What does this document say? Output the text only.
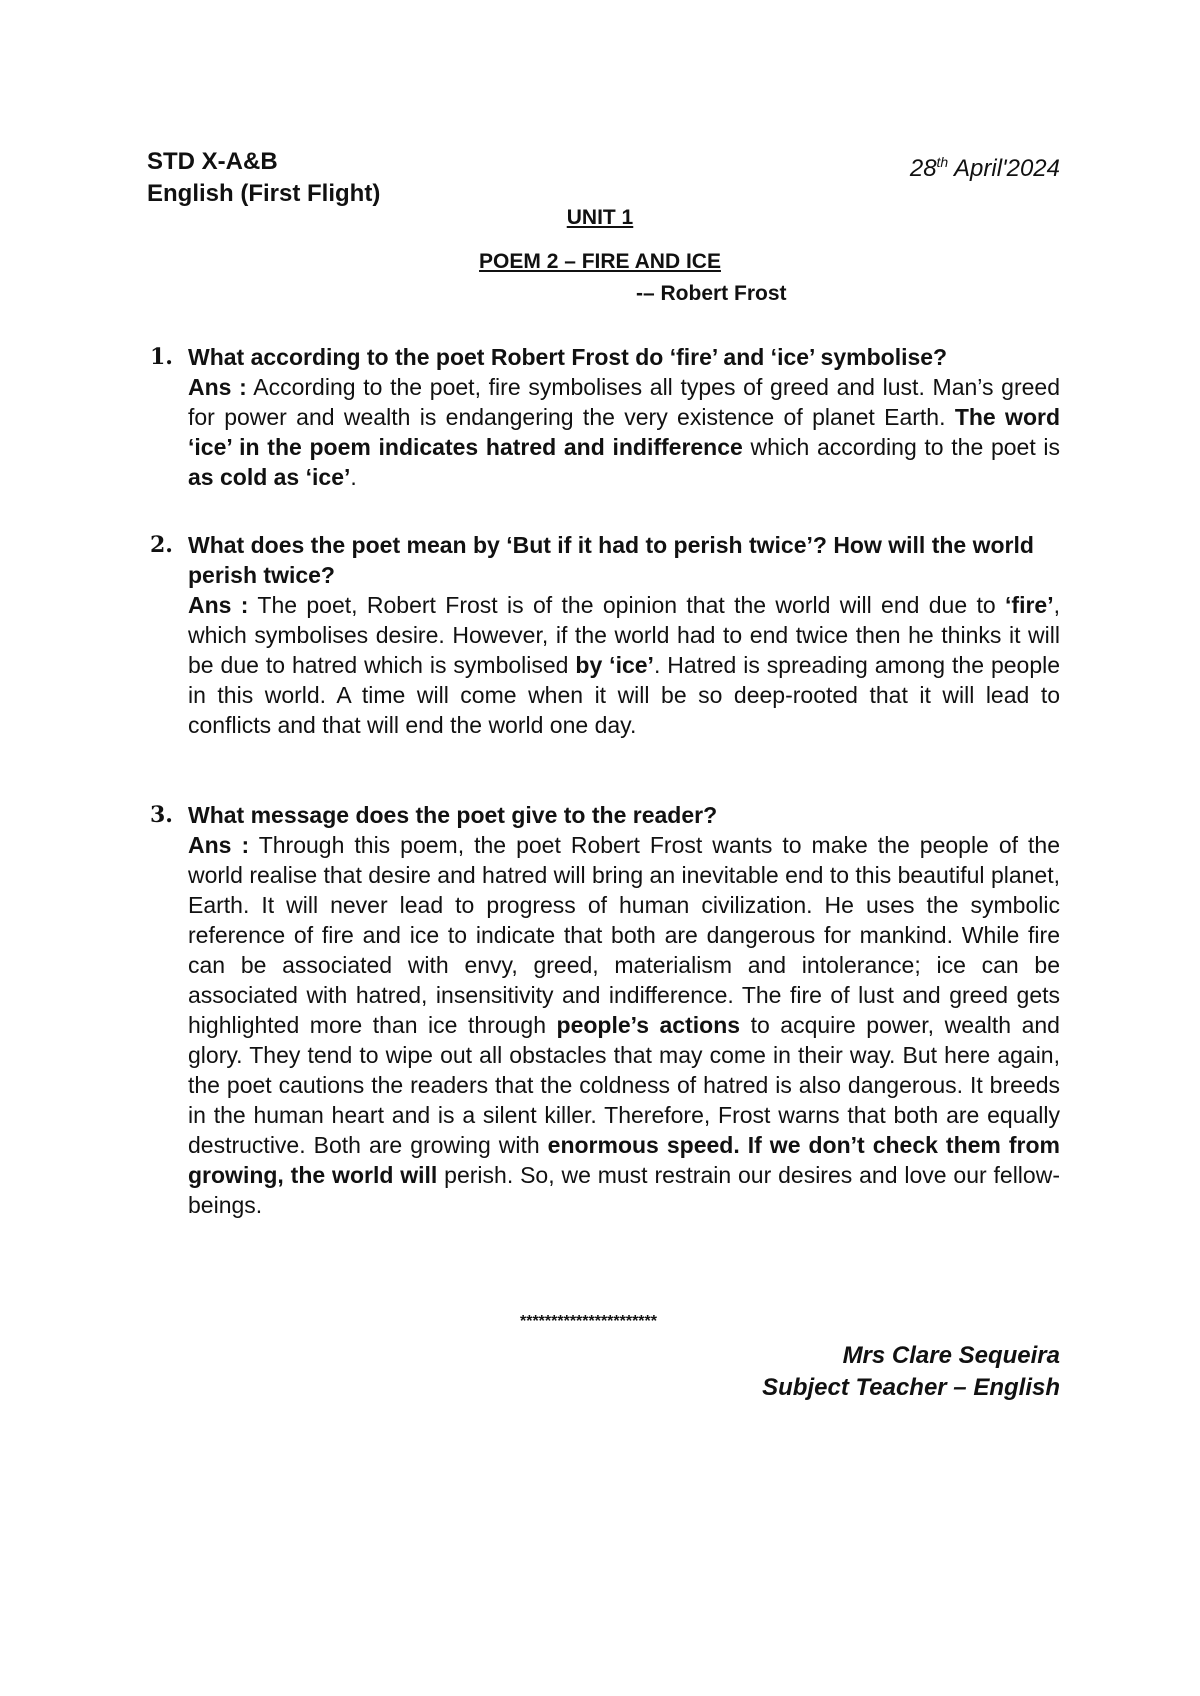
STD X-A&B
English (First Flight)
28th April'2024
UNIT 1
POEM 2 – FIRE AND ICE
-– Robert Frost
1. What according to the poet Robert Frost do ‘fire’ and ‘ice’ symbolise?
Ans : According to the poet, fire symbolises all types of greed and lust. Man’s greed for power and wealth is endangering the very existence of planet Earth. The word ‘ice’ in the poem indicates hatred and indifference which according to the poet is as cold as ‘ice’.
2. What does the poet mean by ‘But if it had to perish twice’? How will the world perish twice?
Ans : The poet, Robert Frost is of the opinion that the world will end due to ‘fire’, which symbolises desire. However, if the world had to end twice then he thinks it will be due to hatred which is symbolised by ‘ice’. Hatred is spreading among the people in this world. A time will come when it will be so deep-rooted that it will lead to conflicts and that will end the world one day.
3. What message does the poet give to the reader?
Ans : Through this poem, the poet Robert Frost wants to make the people of the world realise that desire and hatred will bring an inevitable end to this beautiful planet, Earth. It will never lead to progress of human civilization. He uses the symbolic reference of fire and ice to indicate that both are dangerous for mankind. While fire can be associated with envy, greed, materialism and intolerance; ice can be associated with hatred, insensitivity and indifference. The fire of lust and greed gets highlighted more than ice through people’s actions to acquire power, wealth and glory. They tend to wipe out all obstacles that may come in their way. But here again, the poet cautions the readers that the coldness of hatred is also dangerous. It breeds in the human heart and is a silent killer. Therefore, Frost warns that both are equally destructive. Both are growing with enormous speed. If we don’t check them from growing, the world will perish. So, we must restrain our desires and love our fellow-beings.
**********************
Mrs Clare Sequeira
Subject Teacher – English
